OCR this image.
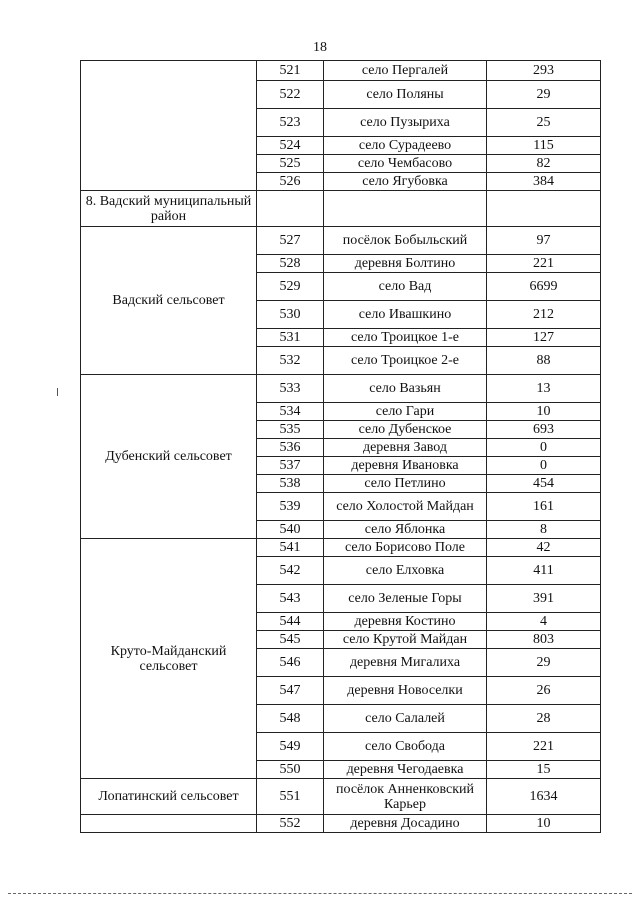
18
	521	село Пергалей	293
	522	село Поляны	29
	523	село Пузыриха	25
	524	село Сурадеево	115
	525	село Чембасово	82
	526	село Ягубовка	384
8. Вадский муниципальный район			
Вадский сельсовет	527	посёлок Бобыльский	97
	528	деревня Болтино	221
	529	село Вад	6699
	530	село Ивашкино	212
	531	село Троицкое 1-е	127
	532	село Троицкое 2-е	88
Дубенский сельсовет	533	село Вазьян	13
	534	село Гари	10
	535	село Дубенское	693
	536	деревня Завод	0
	537	деревня Ивановка	0
	538	село Петлино	454
	539	село Холостой Майдан	161
	540	село Яблонка	8
Круто-Майданский сельсовет	541	село Борисово Поле	42
	542	село Елховка	411
	543	село Зеленые Горы	391
	544	деревня Костино	4
	545	село Крутой Майдан	803
	546	деревня Мигалиха	29
	547	деревня Новоселки	26
	548	село Салалей	28
	549	село Свобода	221
	550	деревня Чегодаевка	15
Лопатинский сельсовет	551	посёлок Анненковский Карьер	1634
	552	деревня Досадино	10
